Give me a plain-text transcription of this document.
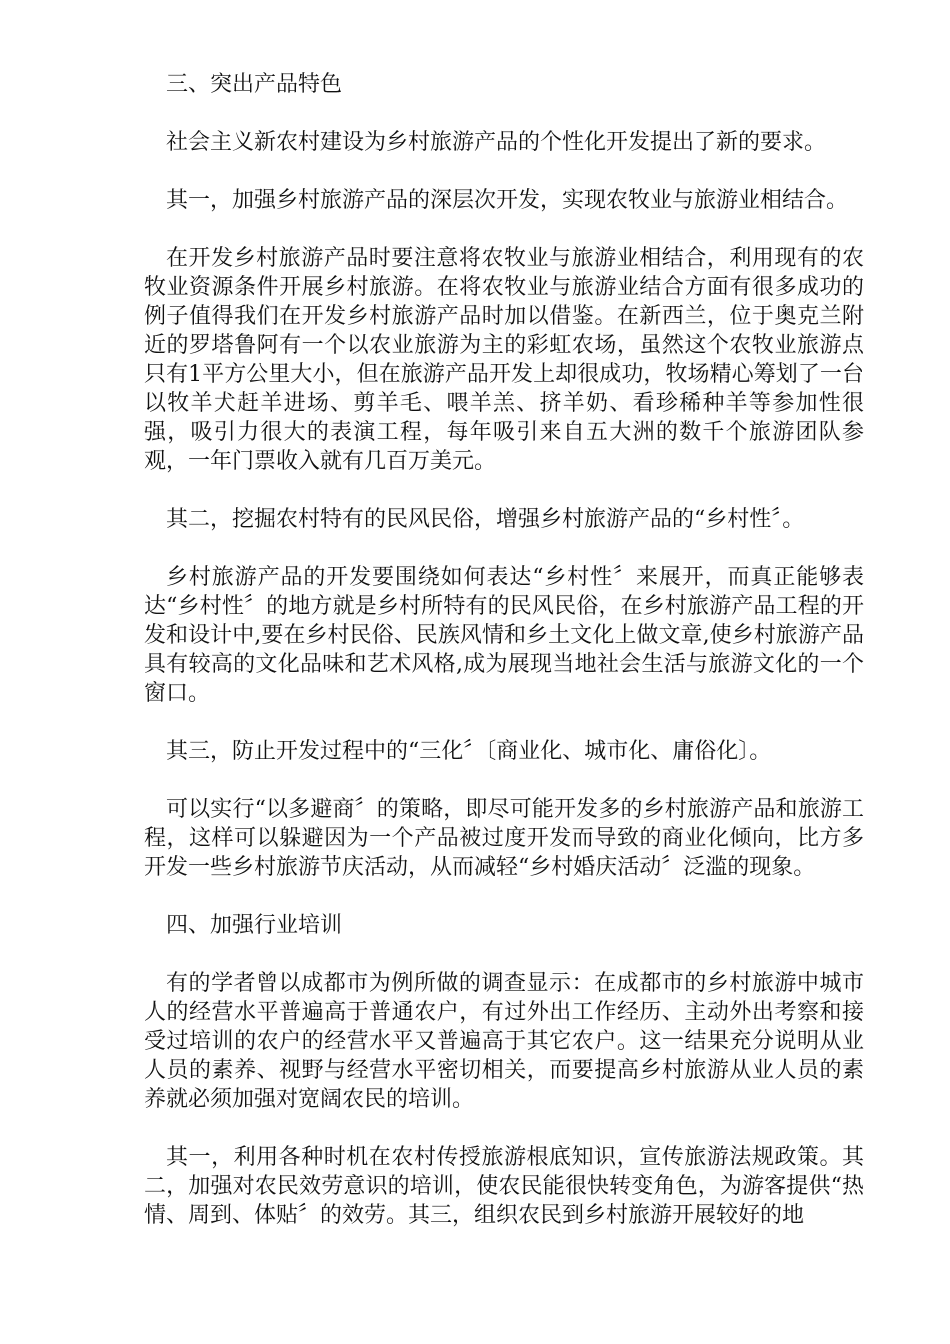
三、突出产品特色

社会主义新农村建设为乡村旅游产品的个性化开发提出了新的要求。

其一，加强乡村旅游产品的深层次开发，实现农牧业与旅游业相结合。

在开发乡村旅游产品时要注意将农牧业与旅游业相结合，利用现有的农牧业资源条件开展乡村旅游。在将农牧业与旅游业结合方面有很多成功的例子值得我们在开发乡村旅游产品时加以借鉴。在新西兰，位于奥克兰附近的罗塔鲁阿有一个以农业旅游为主的彩虹农场，虽然这个农牧业旅游点只有1平方公里大小，但在旅游产品开发上却很成功，牧场精心筹划了一台以牧羊犬赶羊进场、剪羊毛、喂羊羔、挤羊奶、看珍稀种羊等参加性很强，吸引力很大的表演工程，每年吸引来自五大洲的数千个旅游团队参观，一年门票收入就有几百万美元。

其二，挖掘农村特有的民风民俗，增强乡村旅游产品的“乡村性〞。

乡村旅游产品的开发要围绕如何表达“乡村性〞来展开，而真正能够表达“乡村性〞的地方就是乡村所特有的民风民俗，在乡村旅游产品工程的开发和设计中,要在乡村民俗、民族风情和乡土文化上做文章,使乡村旅游产品具有较高的文化品味和艺术风格,成为展现当地社会生活与旅游文化的一个窗口。

其三，防止开发过程中的“三化〞〔商业化、城市化、庸俗化〕。

可以实行“以多避商〞的策略，即尽可能开发多的乡村旅游产品和旅游工程，这样可以躲避因为一个产品被过度开发而导致的商业化倾向，比方多开发一些乡村旅游节庆活动，从而减轻“乡村婚庆活动〞泛滥的现象。

四、加强行业培训

有的学者曾以成都市为例所做的调查显示：在成都市的乡村旅游中城市人的经营水平普遍高于普通农户，有过外出工作经历、主动外出考察和接受过培训的农户的经营水平又普遍高于其它农户。这一结果充分说明从业人员的素养、视野与经营水平密切相关，而要提高乡村旅游从业人员的素养就必须加强对宽阔农民的培训。

其一，利用各种时机在农村传授旅游根底知识，宣传旅游法规政策。其二，加强对农民效劳意识的培训，使农民能很快转变角色，为游客提供“热情、周到、体贴〞的效劳。其三，组织农民到乡村旅游开展较好的地
